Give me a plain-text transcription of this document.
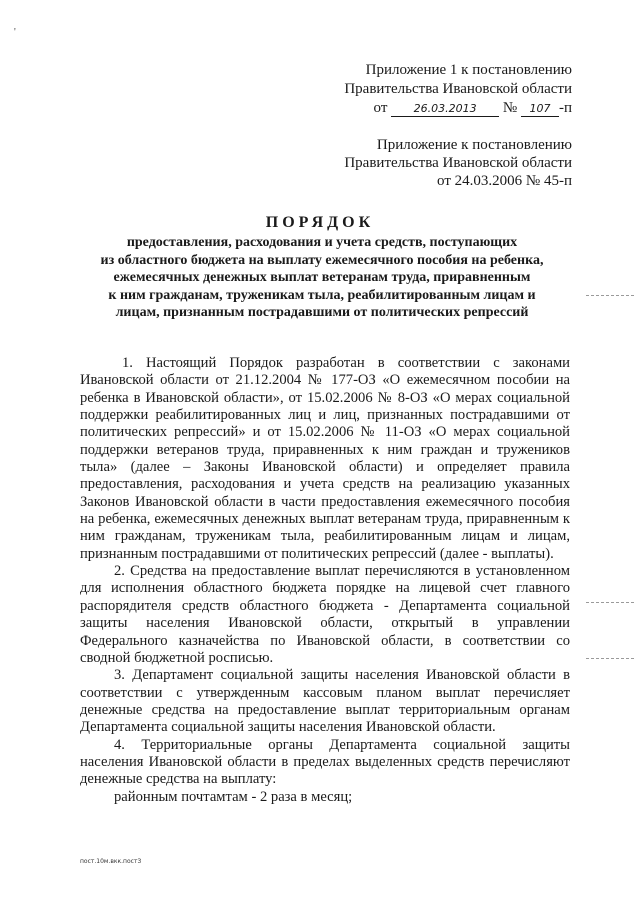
'
Приложение 1 к постановлению
Правительства Ивановской области
от 26.03.2013 № 107 -п
Приложение к постановлению
Правительства Ивановской области
от 24.03.2006 № 45-п
ПОРЯДОК
предоставления, расходования и учета средств, поступающих
из областного бюджета на выплату ежемесячного пособия на ребенка,
ежемесячных денежных выплат ветеранам труда, приравненным
к ним гражданам, труженикам тыла, реабилитированным лицам и
лицам, признанным пострадавшими от политических репрессий

1. Настоящий Порядок разработан в соответствии с законами Ивановской области от 21.12.2004 № 177-ОЗ «О ежемесячном пособии на ребенка в Ивановской области», от 15.02.2006 № 8-ОЗ «О мерах социальной поддержки реабилитированных лиц и лиц, признанных пострадавшими от политических репрессий» и от 15.02.2006 № 11-ОЗ «О мерах социальной поддержки ветеранов труда, приравненных к ним граждан и тружеников тыла» (далее – Законы Ивановской области) и определяет правила предоставления, расходования и учета средств на реализацию указанных Законов Ивановской области в части предоставления ежемесячного пособия на ребенка, ежемесячных денежных выплат ветеранам труда, приравненным к ним гражданам, труженикам тыла, реабилитированным лицам и лицам, признанным пострадавшими от политических репрессий (далее - выплаты).

2. Средства на предоставление выплат перечисляются в установленном для исполнения областного бюджета порядке на лицевой счет главного распорядителя средств областного бюджета - Департамента социальной защиты населения Ивановской области, открытый в управлении Федерального казначейства по Ивановской области, в соответствии со сводной бюджетной росписью.

3. Департамент социальной защиты населения Ивановской области в соответствии с утвержденным кассовым планом выплат перечисляет денежные средства на предоставление выплат территориальным органам Департамента социальной защиты населения Ивановской области.

4. Территориальные органы Департамента социальной защиты населения Ивановской области в пределах выделенных средств перечисляют денежные средства на выплату:

районным почтамтам - 2 раза в месяц;

пост.10м.вкк.пост3
